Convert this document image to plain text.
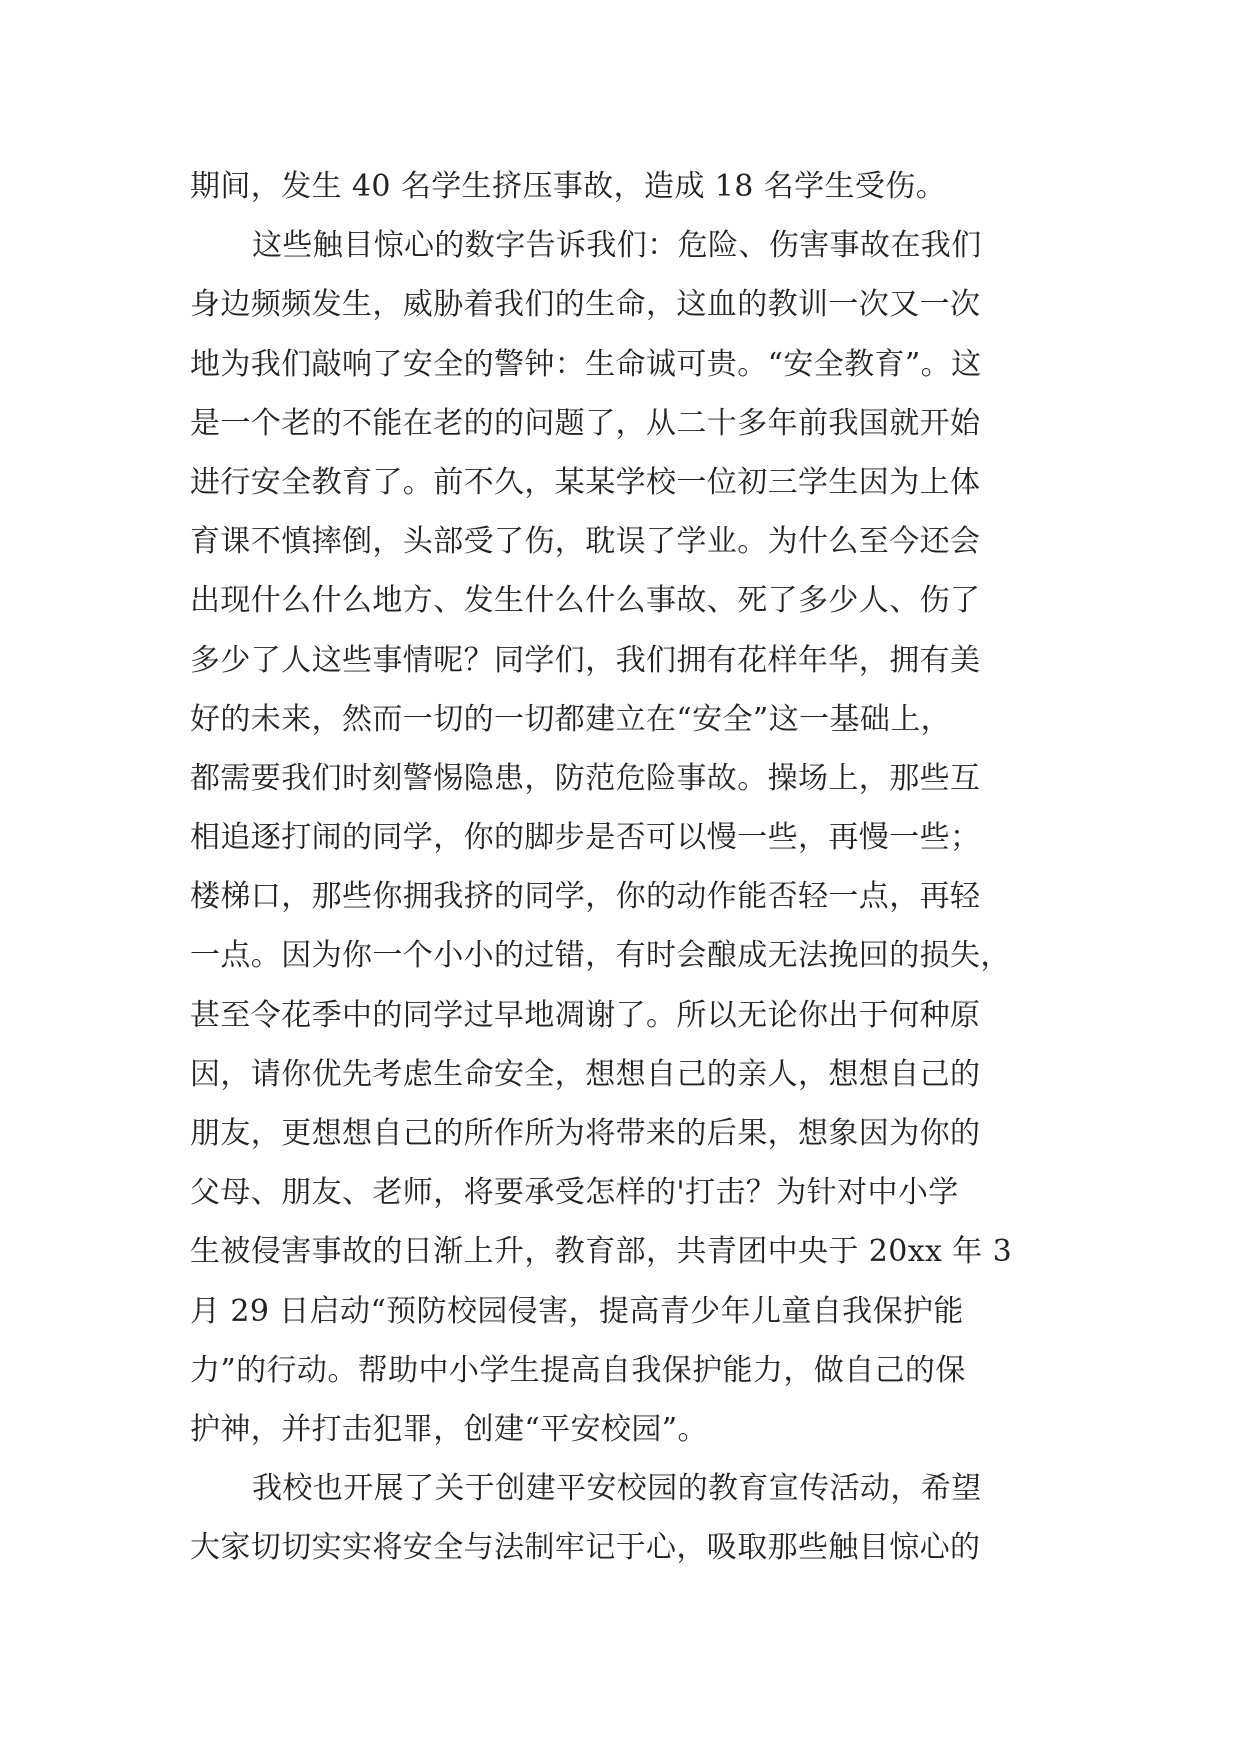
期间，发生 40 名学生挤压事故，造成 18 名学生受伤。
这些触目惊心的数字告诉我们：危险、伤害事故在我们
身边频频发生，威胁着我们的生命，这血的教训一次又一次
地为我们敲响了安全的警钟：生命诚可贵。“安全教育”。这
是一个老的不能在老的的问题了，从二十多年前我国就开始
进行安全教育了。前不久，某某学校一位初三学生因为上体
育课不慎摔倒，头部受了伤，耽误了学业。为什么至今还会
出现什么什么地方、发生什么什么事故、死了多少人、伤了
多少了人这些事情呢？同学们，我们拥有花样年华，拥有美
好的未来，然而一切的一切都建立在“安全”这一基础上，
都需要我们时刻警惕隐患，防范危险事故。操场上，那些互
相追逐打闹的同学，你的脚步是否可以慢一些，再慢一些；
楼梯口，那些你拥我挤的同学，你的动作能否轻一点，再轻
一点。因为你一个小小的过错，有时会酿成无法挽回的损失，
甚至令花季中的同学过早地凋谢了。所以无论你出于何种原
因，请你优先考虑生命安全，想想自己的亲人，想想自己的
朋友，更想想自己的所作所为将带来的后果，想象因为你的
父母、朋友、老师，将要承受怎样的'打击？为针对中小学
生被侵害事故的日渐上升，教育部，共青团中央于 20xx 年 3
月 29 日启动“预防校园侵害，提高青少年儿童自我保护能
力”的行动。帮助中小学生提高自我保护能力，做自己的保
护神，并打击犯罪，创建“平安校园”。
我校也开展了关于创建平安校园的教育宣传活动，希望
大家切切实实将安全与法制牢记于心，吸取那些触目惊心的
